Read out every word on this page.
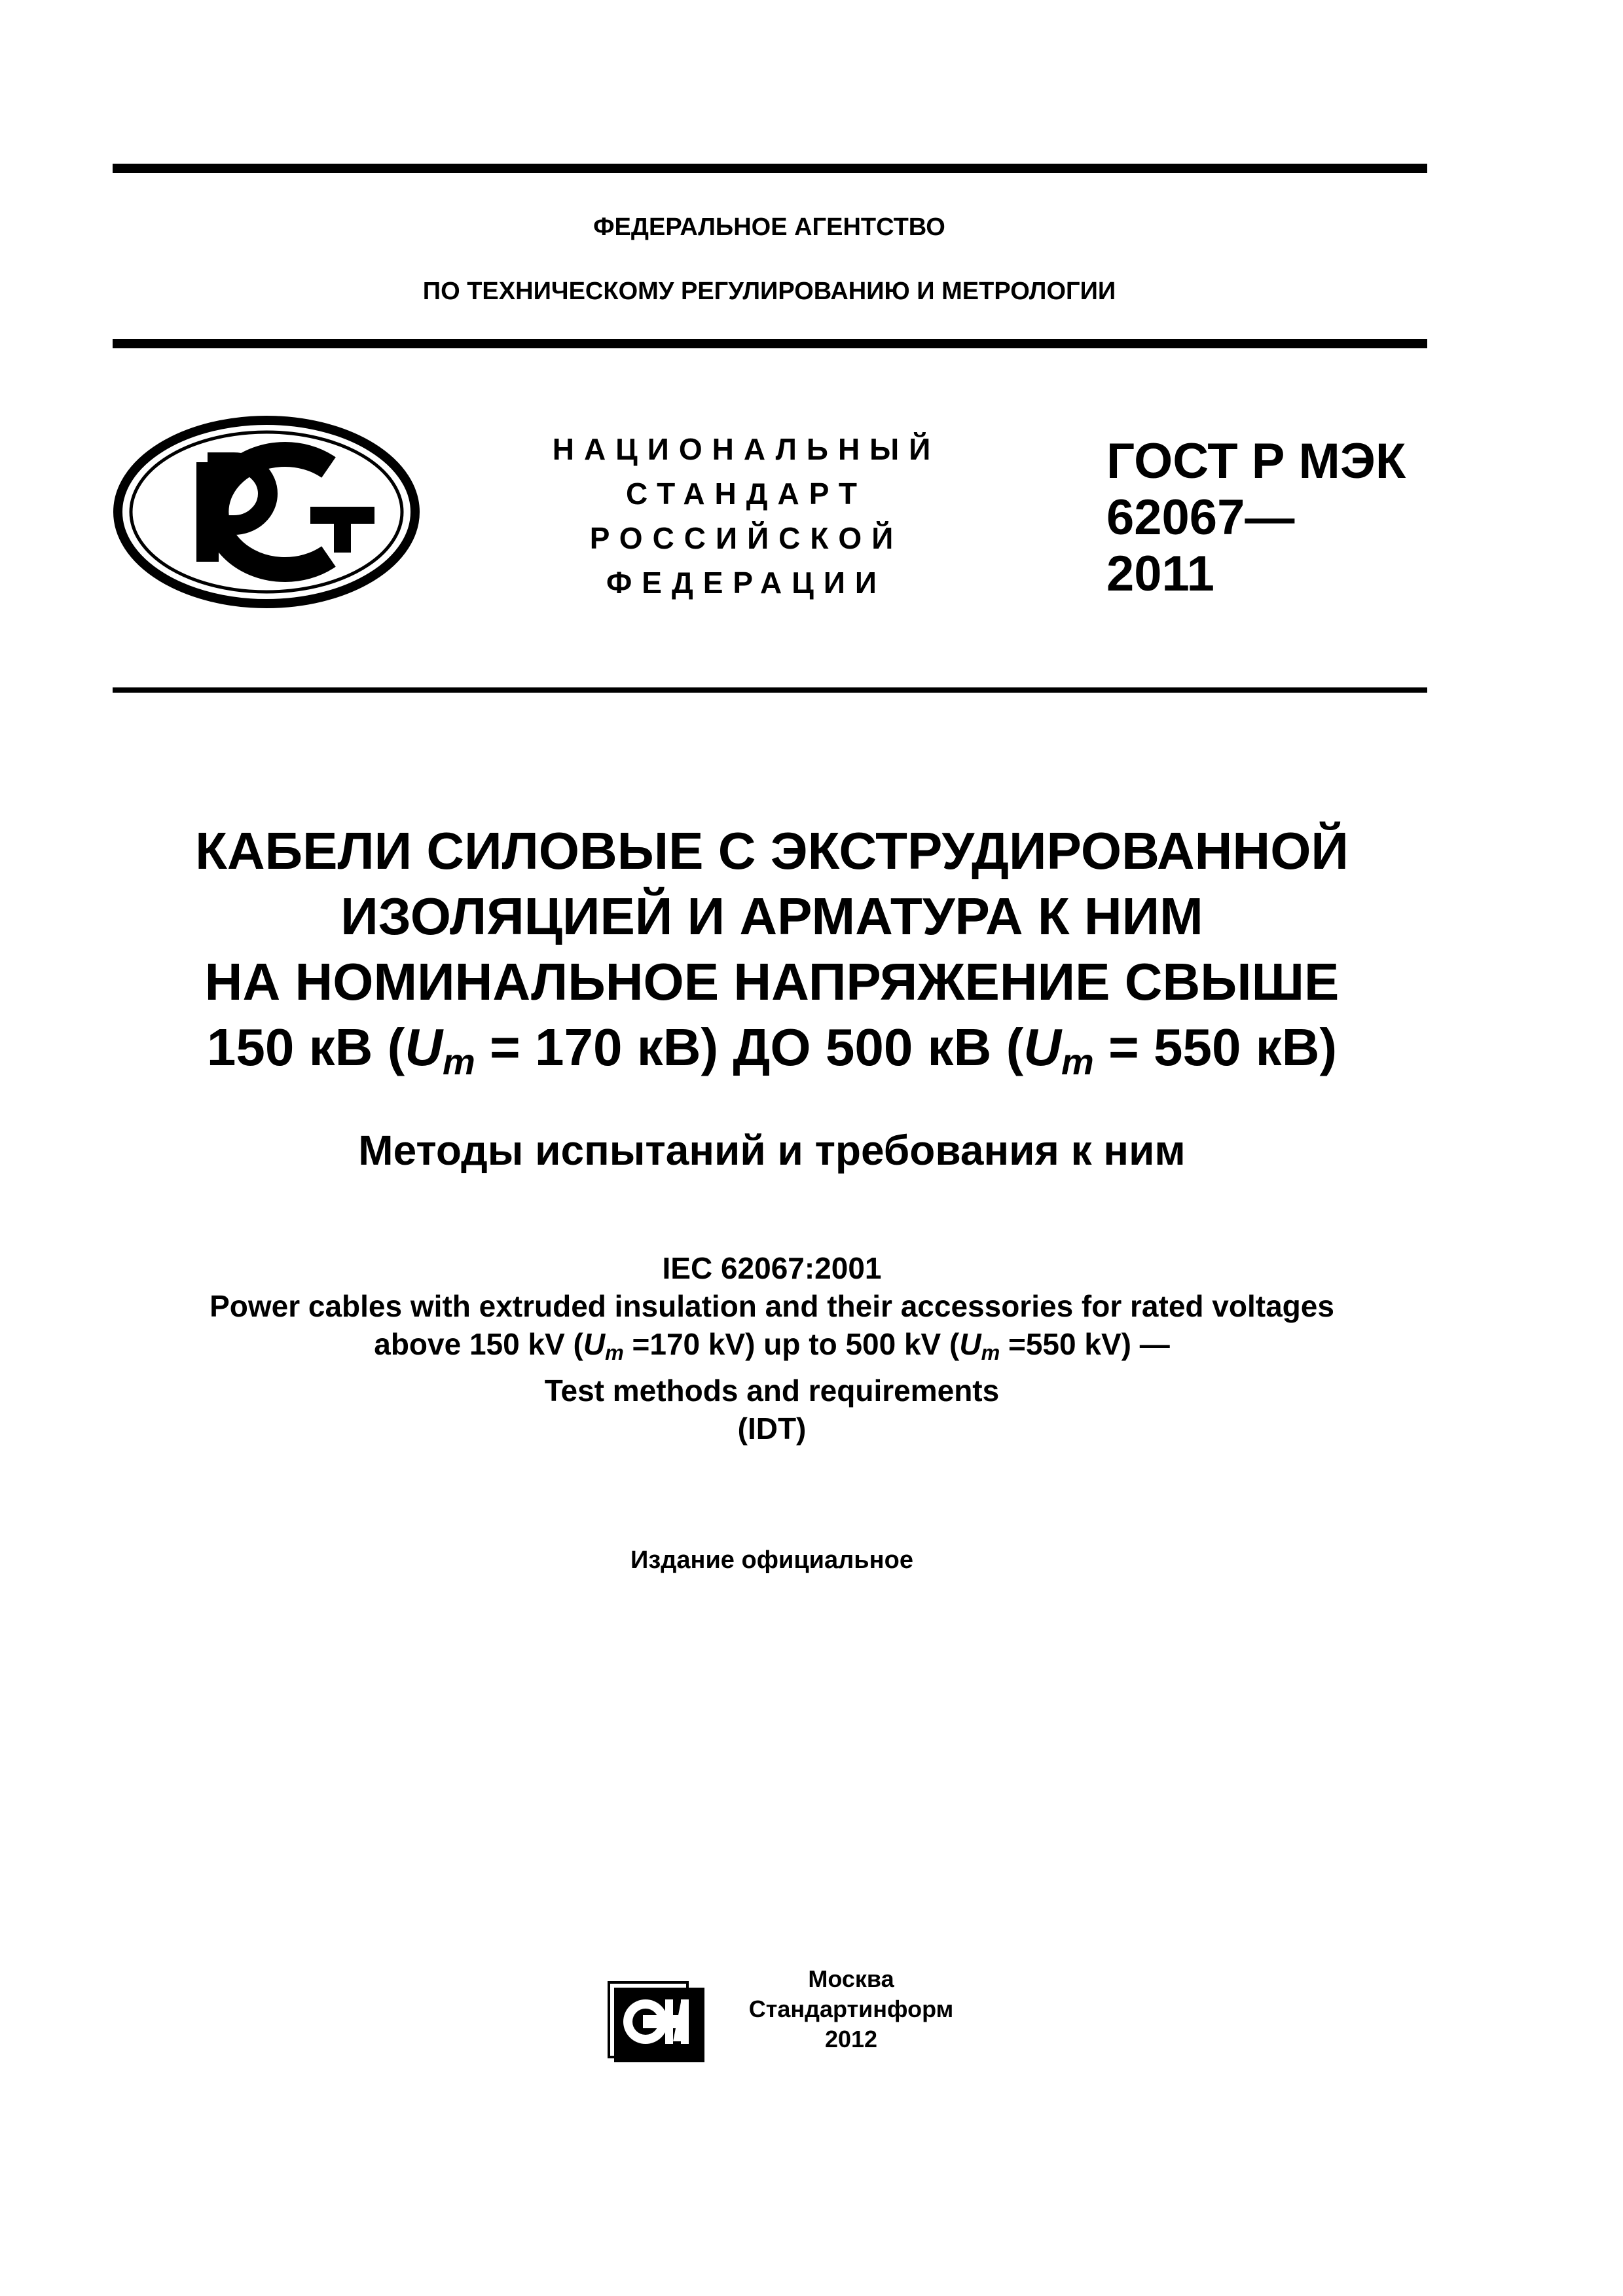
ФЕДЕРАЛЬНОЕ АГЕНТСТВО
ПО ТЕХНИЧЕСКОМУ РЕГУЛИРОВАНИЮ И МЕТРОЛОГИИ
НАЦИОНАЛЬНЫЙ
СТАНДАРТ
РОССИЙСКОЙ
ФЕДЕРАЦИИ
ГОСТ Р МЭК
62067—
2011
КАБЕЛИ СИЛОВЫЕ С ЭКСТРУДИРОВАННОЙ
ИЗОЛЯЦИЕЙ И АРМАТУРА К НИМ
НА НОМИНАЛЬНОЕ НАПРЯЖЕНИЕ СВЫШЕ
150 кВ ($U_m = 170$ кВ) ДО 500 кВ ($U_m = 550$ кВ)
Методы испытаний и требования к ним
IEC 62067:2001
Power cables with extruded insulation and their accessories for rated voltages
above 150 kV ($U_m =170$ kV) up to 500 kV ($U_m =550$ kV) —
Test methods and requirements
(IDT)
Издание официальное
Москва
Стандартинформ
2012
